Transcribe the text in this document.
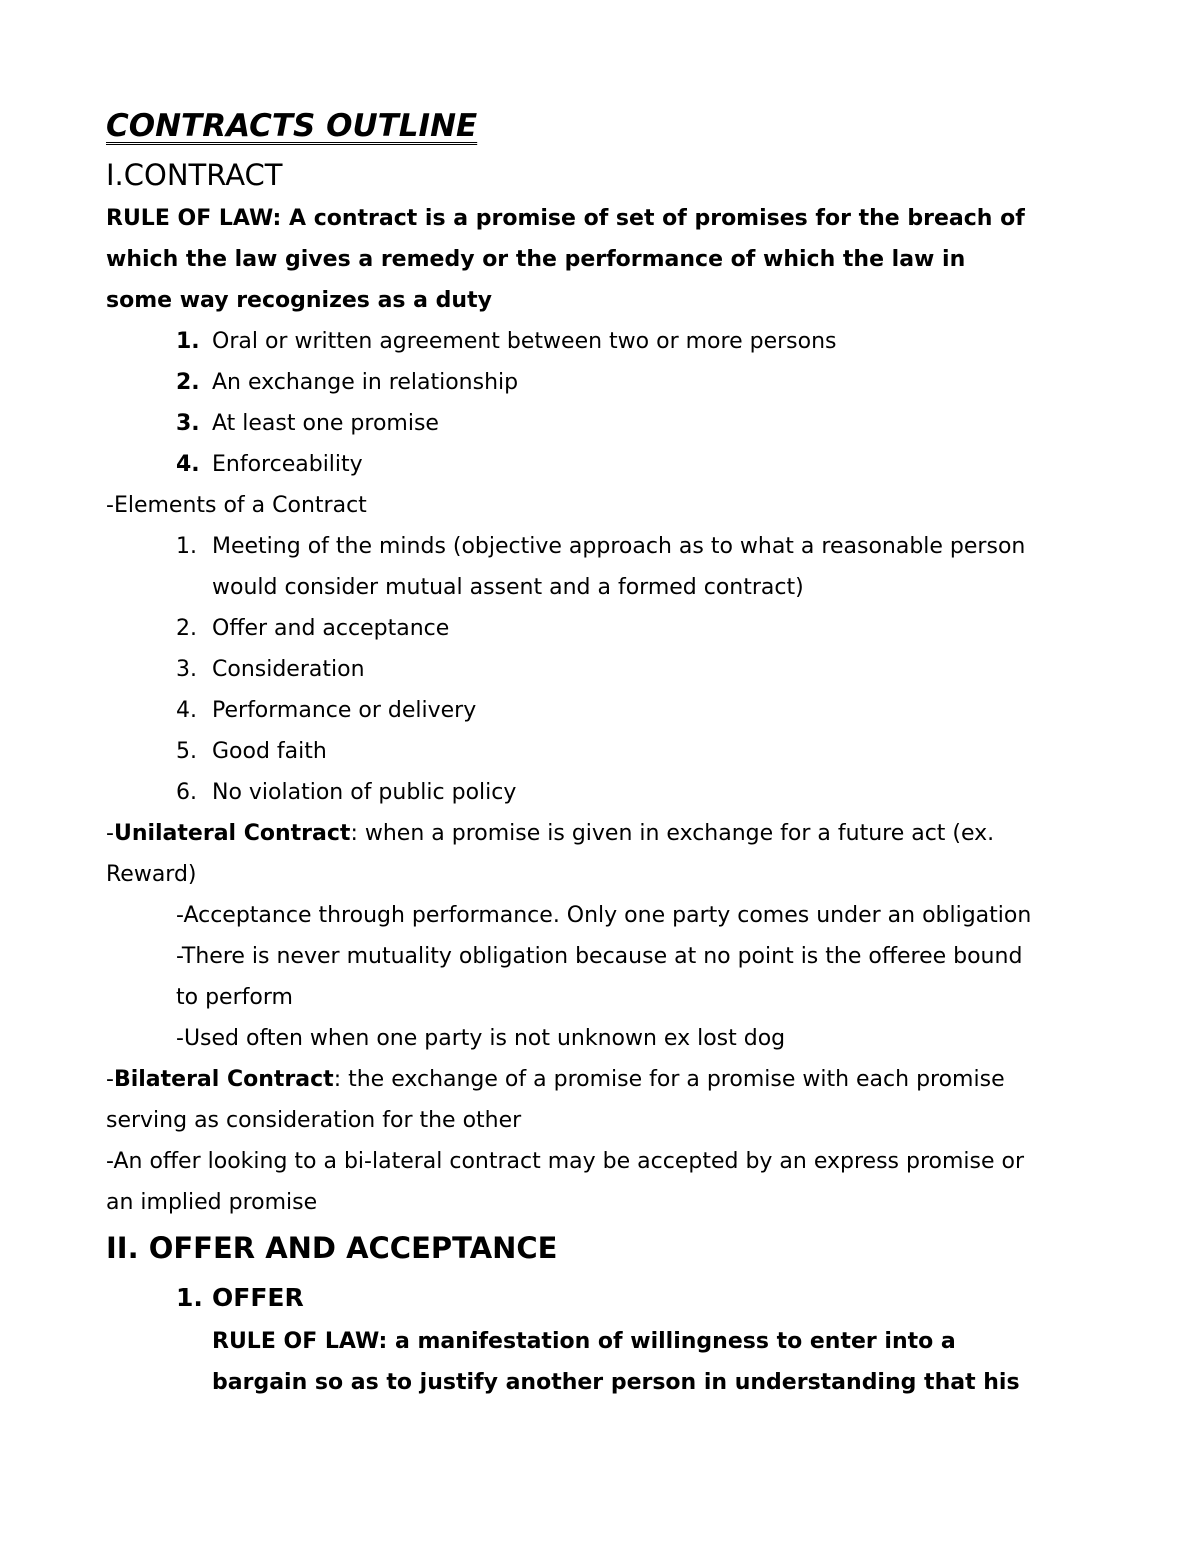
CONTRACTS OUTLINE
I.CONTRACT
RULE OF LAW: A contract is a promise of set of promises for the breach of
which the law gives a remedy or the performance of which the law in
some way recognizes as a duty
1. Oral or written agreement between two or more persons
2. An exchange in relationship
3. At least one promise
4. Enforceability
-Elements of a Contract
1. Meeting of the minds (objective approach as to what a reasonable person
would consider mutual assent and a formed contract)
2. Offer and acceptance
3. Consideration
4. Performance or delivery
5. Good faith
6. No violation of public policy
-Unilateral Contract: when a promise is given in exchange for a future act (ex.
Reward)
-Acceptance through performance. Only one party comes under an obligation
-There is never mutuality obligation because at no point is the offeree bound
to perform
-Used often when one party is not unknown ex lost dog
-Bilateral Contract: the exchange of a promise for a promise with each promise
serving as consideration for the other
-An offer looking to a bi-lateral contract may be accepted by an express promise or
an implied promise
II. OFFER AND ACCEPTANCE
1. OFFER
RULE OF LAW: a manifestation of willingness to enter into a
bargain so as to justify another person in understanding that his
